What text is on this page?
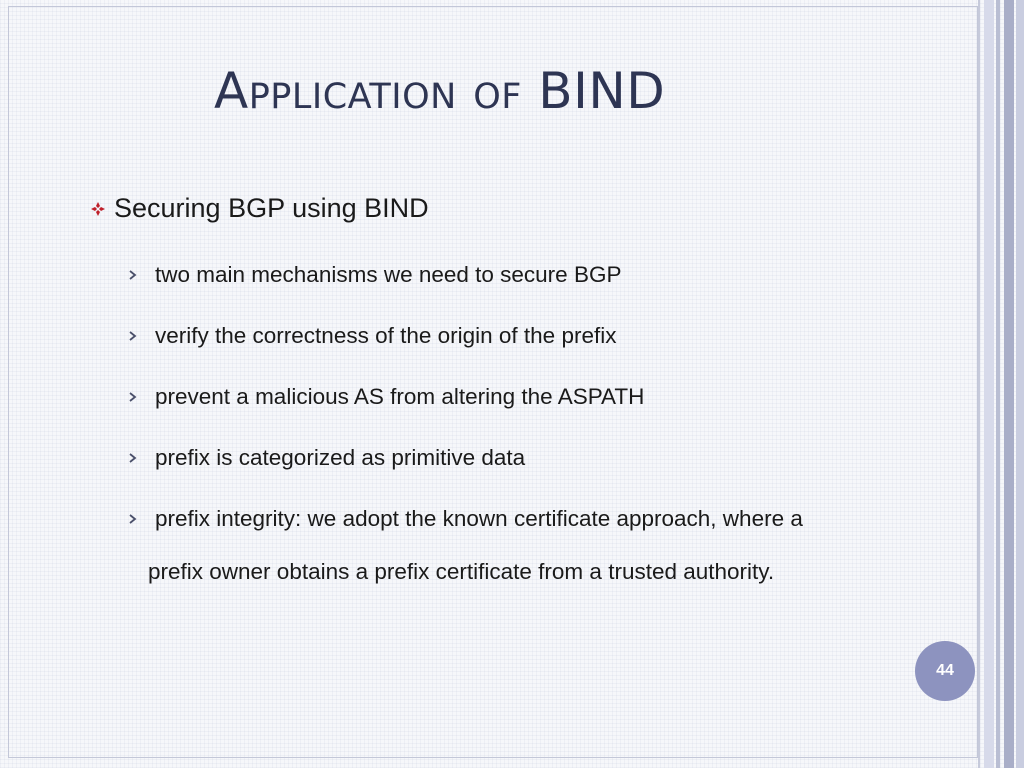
Application of BIND
Securing BGP using BIND
two main mechanisms we need to secure BGP
verify the correctness of the origin of the prefix
prevent a malicious AS from altering the ASPATH
prefix is categorized as primitive data
prefix integrity: we adopt the known certificate approach, where a
prefix owner obtains a prefix certificate from a trusted authority.
44
